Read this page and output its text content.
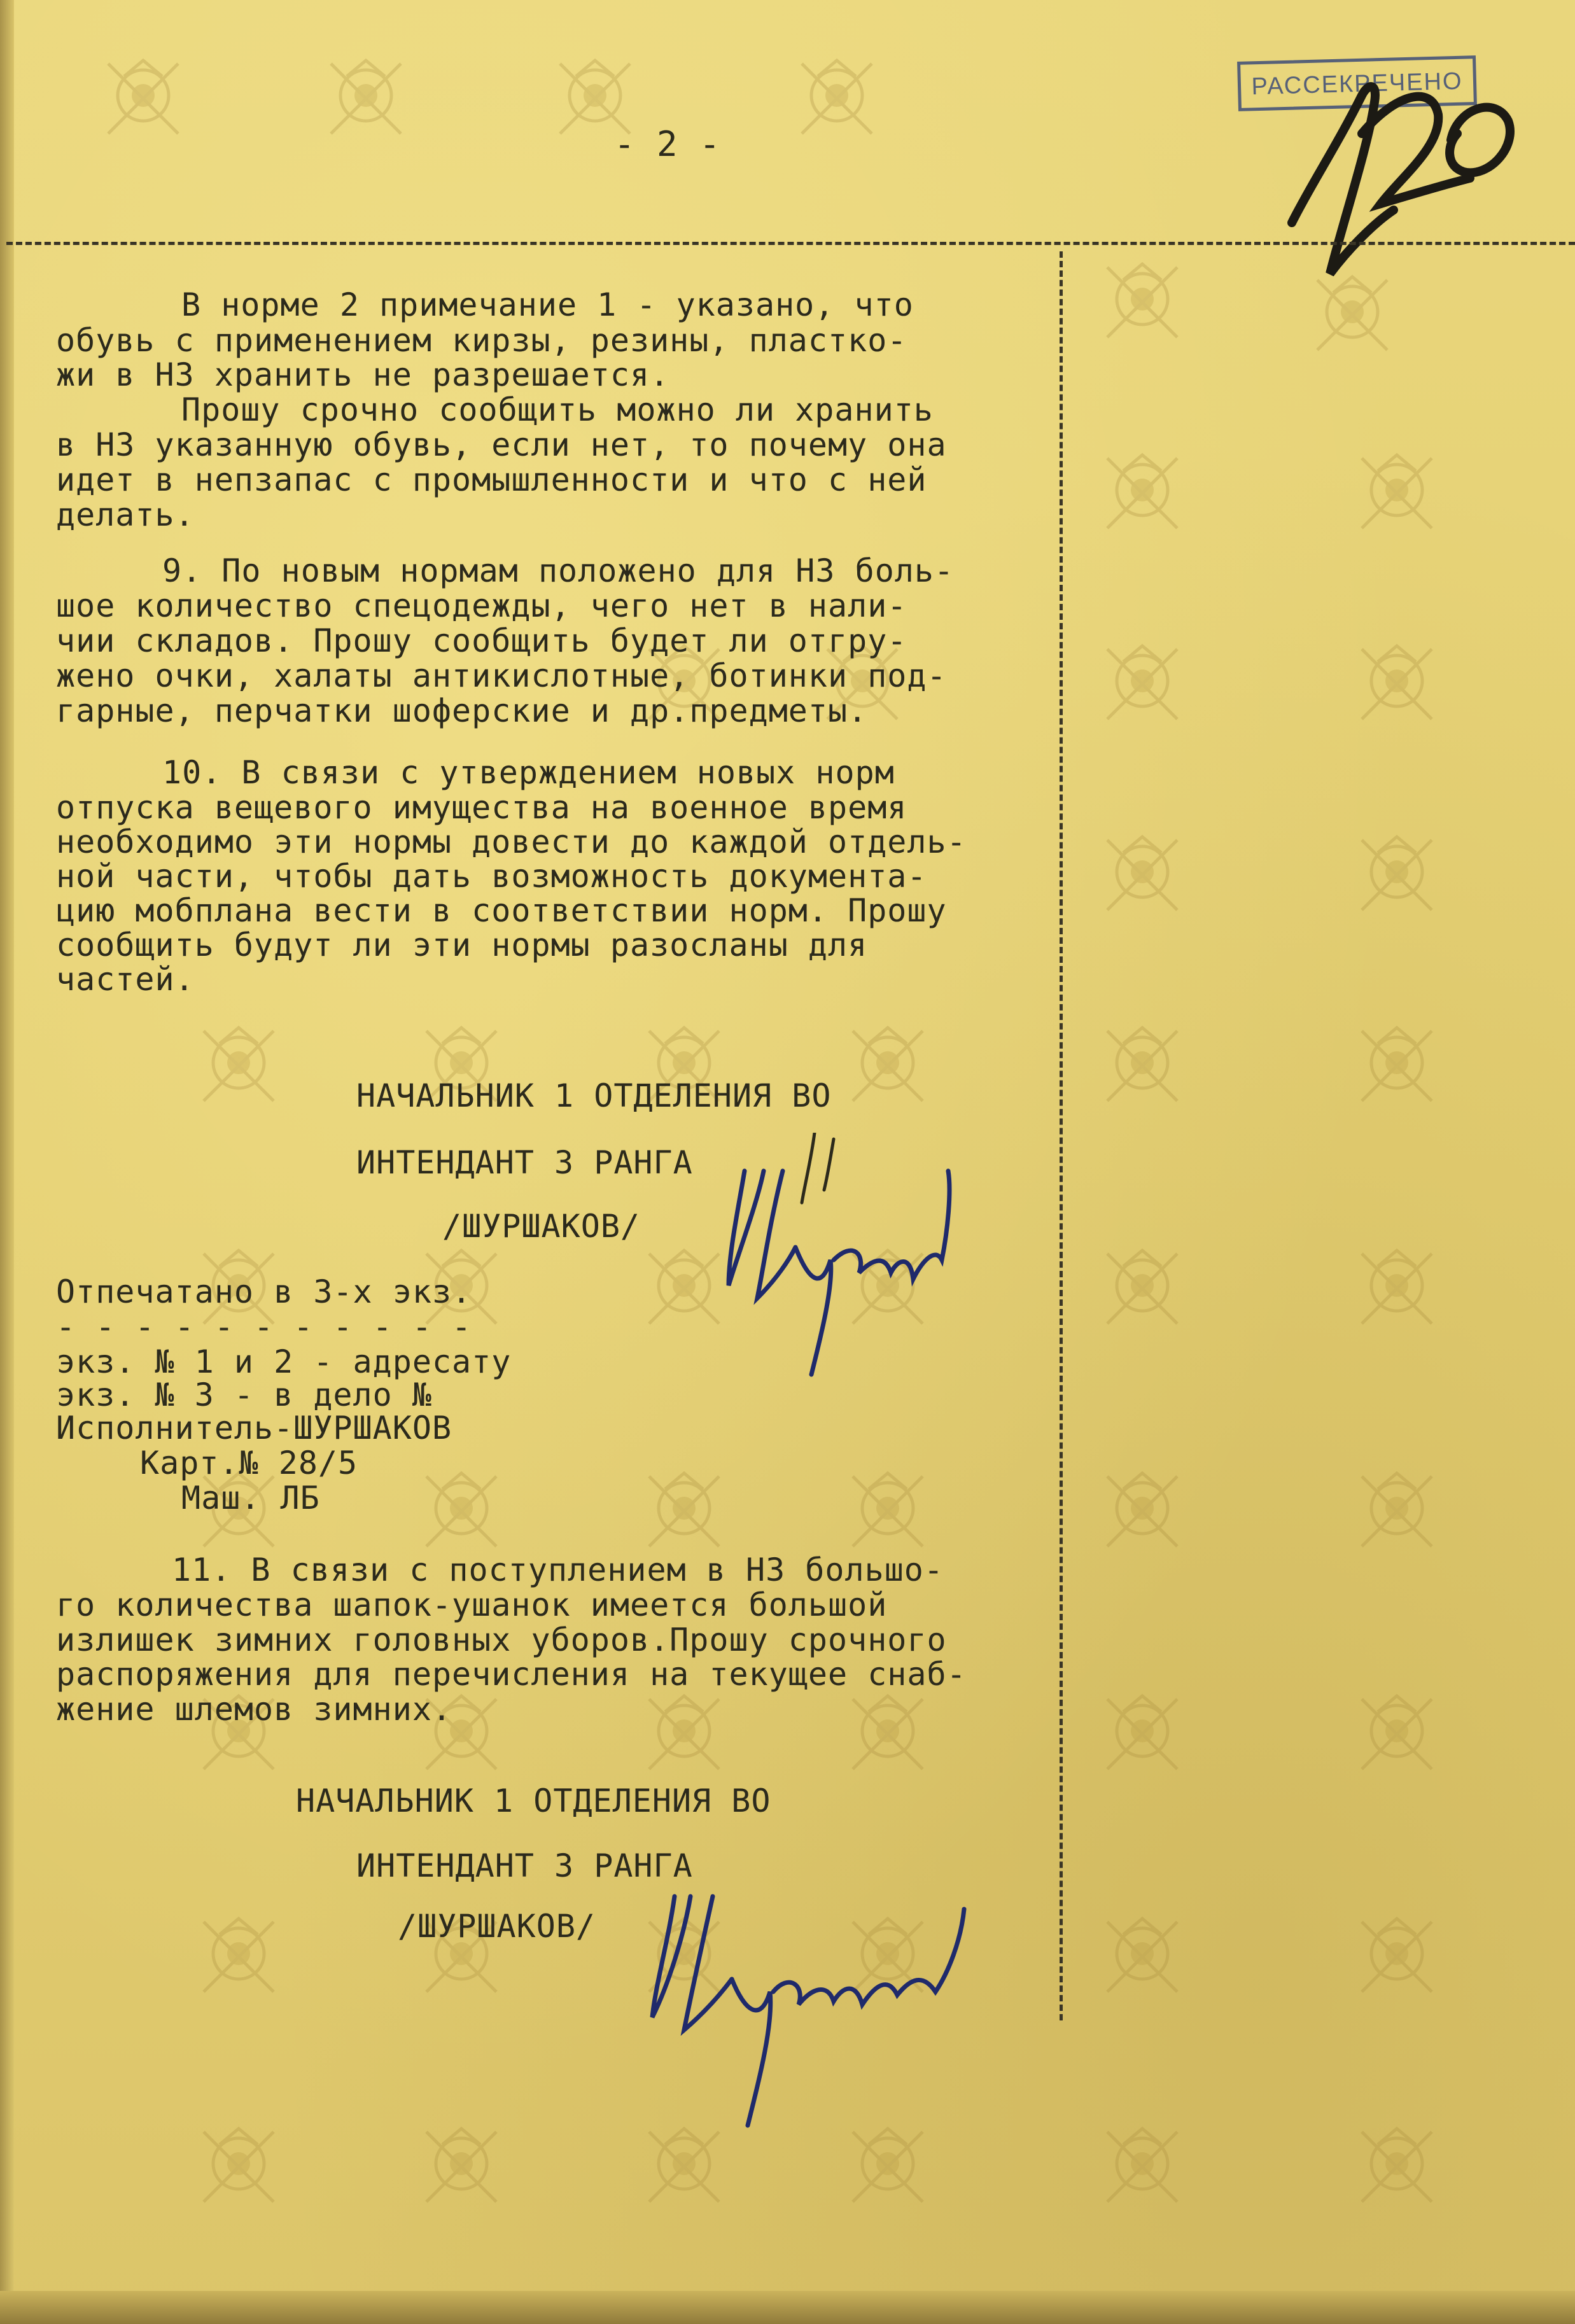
РАССЕКРЕЧЕНО
- 2 -
В норме 2 примечание 1 - указано, что
обувь с применением кирзы, резины, пластко-
жи в НЗ хранить не разрешается.
Прошу срочно сообщить можно ли хранить
в НЗ указанную обувь, если нет, то почему она
идет в непзапас с промышленности и что с ней
делать.
9. По новым нормам положено для НЗ боль-
шое количество спецодежды, чего нет в нали-
чии складов. Прошу сообщить будет ли отгру-
жено очки, халаты антикислотные, ботинки под-
гарные, перчатки шоферские и др.предметы.
10. В связи с утверждением новых норм
отпуска вещевого имущества на военное время
необходимо эти нормы довести до каждой отдель-
ной части, чтобы дать возможность документа-
цию мобплана вести в соответствии норм. Прошу
сообщить будут ли эти нормы разосланы для
частей.
НАЧАЛЬНИК 1 ОТДЕЛЕНИЯ ВО
ИНТЕНДАНТ 3 РАНГА
/ШУРШАКОВ/
Отпечатано в 3-х экз.
- - - - - - - - - - -
экз. № 1 и 2 - адресату
экз. № 3 - в дело №
Исполнитель-ШУРШАКОВ
Карт.№ 28/5
Маш. ЛБ
11. В связи с поступлением в НЗ большо-
го количества шапок-ушанок имеется большой
излишек зимних головных уборов.Прошу срочного
распоряжения для перечисления на текущее снаб-
жение шлемов зимних.
НАЧАЛЬНИК 1 ОТДЕЛЕНИЯ ВО
ИНТЕНДАНТ 3 РАНГА
/ШУРШАКОВ/
